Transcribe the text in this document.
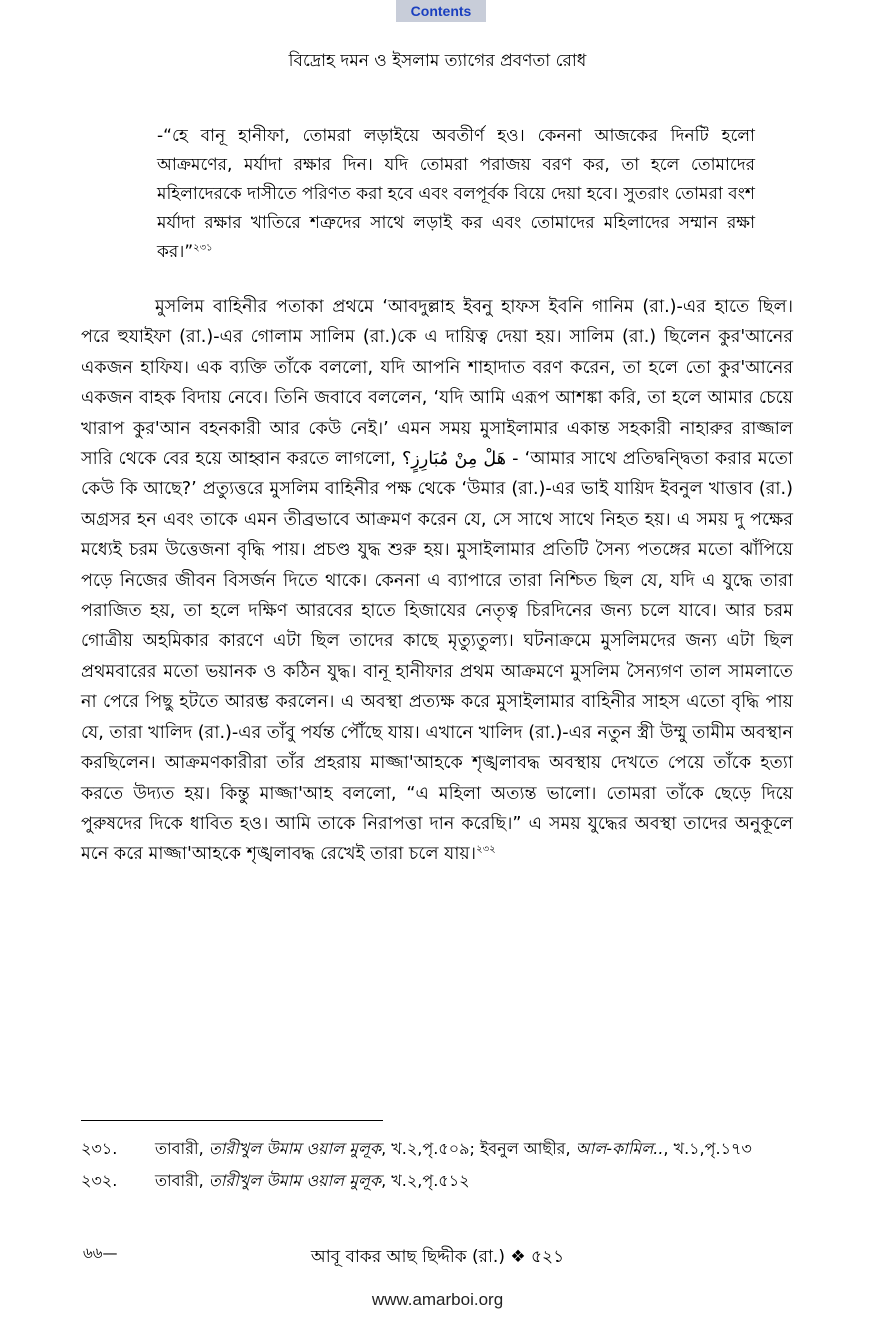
Contents
বিদ্রোহ দমন ও ইসলাম ত্যাগের প্রবণতা রোধ
-“হে বানূ হানীফা, তোমরা লড়াইয়ে অবতীর্ণ হও। কেননা আজকের দিনটি হলো আক্রমণের, মর্যাদা রক্ষার দিন। যদি তোমরা পরাজয় বরণ কর, তা হলে তোমাদের মহিলাদেরকে দাসীতে পরিণত করা হবে এবং বলপূর্বক বিয়ে দেয়া হবে। সুতরাং তোমরা বংশ মর্যাদা রক্ষার খাতিরে শত্রুদের সাথে লড়াই কর এবং তোমাদের মহিলাদের সম্মান রক্ষা কর।”$^{২৩১}$

মুসলিম বাহিনীর পতাকা প্রথমে ‘আবদুল্লাহ ইবনু হাফস ইবনি গানিম (রা.)-এর হাতে ছিল। পরে হুযাইফা (রা.)-এর গোলাম সালিম (রা.)কে এ দায়িত্ব দেয়া হয়। সালিম (রা.) ছিলেন কুর'আনের একজন হাফিয। এক ব্যক্তি তাঁকে বললো, যদি আপনি শাহাদাত বরণ করেন, তা হলে তো কুর'আনের একজন বাহক বিদায় নেবে। তিনি জবাবে বললেন, ‘যদি আমি এরূপ আশঙ্কা করি, তা হলে আমার চেয়ে খারাপ কুর'আন বহনকারী আর কেউ নেই।’ এমন সময় মুসাইলামার একান্ত সহকারী নাহারুর রাজ্জাল সারি থেকে বের হয়ে আহ্বান করতে লাগলো, هَلْ مِنْ مُبَارِزٍ؟ - ‘আমার সাথে প্রতিদ্বন্দ্বিতা করার মতো কেউ কি আছে?’ প্রত্যুত্তরে মুসলিম বাহিনীর পক্ষ থেকে ‘উমার (রা.)-এর ভাই যায়িদ ইবনুল খাত্তাব (রা.) অগ্রসর হন এবং তাকে এমন তীব্রভাবে আক্রমণ করেন যে, সে সাথে সাথে নিহত হয়। এ সময় দু পক্ষের মধ্যেই চরম উত্তেজনা বৃদ্ধি পায়। প্রচণ্ড যুদ্ধ শুরু হয়। মুসাইলামার প্রতিটি সৈন্য পতঙ্গের মতো ঝাঁপিয়ে পড়ে নিজের জীবন বিসর্জন দিতে থাকে। কেননা এ ব্যাপারে তারা নিশ্চিত ছিল যে, যদি এ যুদ্ধে তারা পরাজিত হয়, তা হলে দক্ষিণ আরবের হাতে হিজাযের নেতৃত্ব চিরদিনের জন্য চলে যাবে। আর চরম গোত্রীয় অহমিকার কারণে এটা ছিল তাদের কাছে মৃত্যুতুল্য। ঘটনাক্রমে মুসলিমদের জন্য এটা ছিল প্রথমবারের মতো ভয়ানক ও কঠিন যুদ্ধ। বানূ হানীফার প্রথম আক্রমণে মুসলিম সৈন্যগণ তাল সামলাতে না পেরে পিছু হটতে আরম্ভ করলেন। এ অবস্থা প্রত্যক্ষ করে মুসাইলামার বাহিনীর সাহস এতো বৃদ্ধি পায় যে, তারা খালিদ (রা.)-এর তাঁবু পর্যন্ত পৌঁছে যায়। এখানে খালিদ (রা.)-এর নতুন স্ত্রী উম্মু তামীম অবস্থান করছিলেন। আক্রমণকারীরা তাঁর প্রহরায় মাজ্জা'আহকে শৃঙ্খলাবদ্ধ অবস্থায় দেখতে পেয়ে তাঁকে হত্যা করতে উদ্যত হয়। কিন্তু মাজ্জা'আহ বললো, “এ মহিলা অত্যন্ত ভালো। তোমরা তাঁকে ছেড়ে দিয়ে পুরুষদের দিকে ধাবিত হও। আমি তাকে নিরাপত্তা দান করেছি।” এ সময় যুদ্ধের অবস্থা তাদের অনুকূলে মনে করে মাজ্জা'আহকে শৃঙ্খলাবদ্ধ রেখেই তারা চলে যায়।$^{২৩২}$

২৩১. তাবারী, তারীখুল উমাম ওয়াল মুলূক, খ.২,পৃ.৫০৯; ইবনুল আছীর, আল-কামিল.., খ.১,পৃ.১৭৩
২৩২. তাবারী, তারীখুল উমাম ওয়াল মুলূক, খ.২,পৃ.৫১২
৬৬—	আবূ বাকর আছ ছিদ্দীক (রা.) ❖ ৫২১
www.amarboi.org
